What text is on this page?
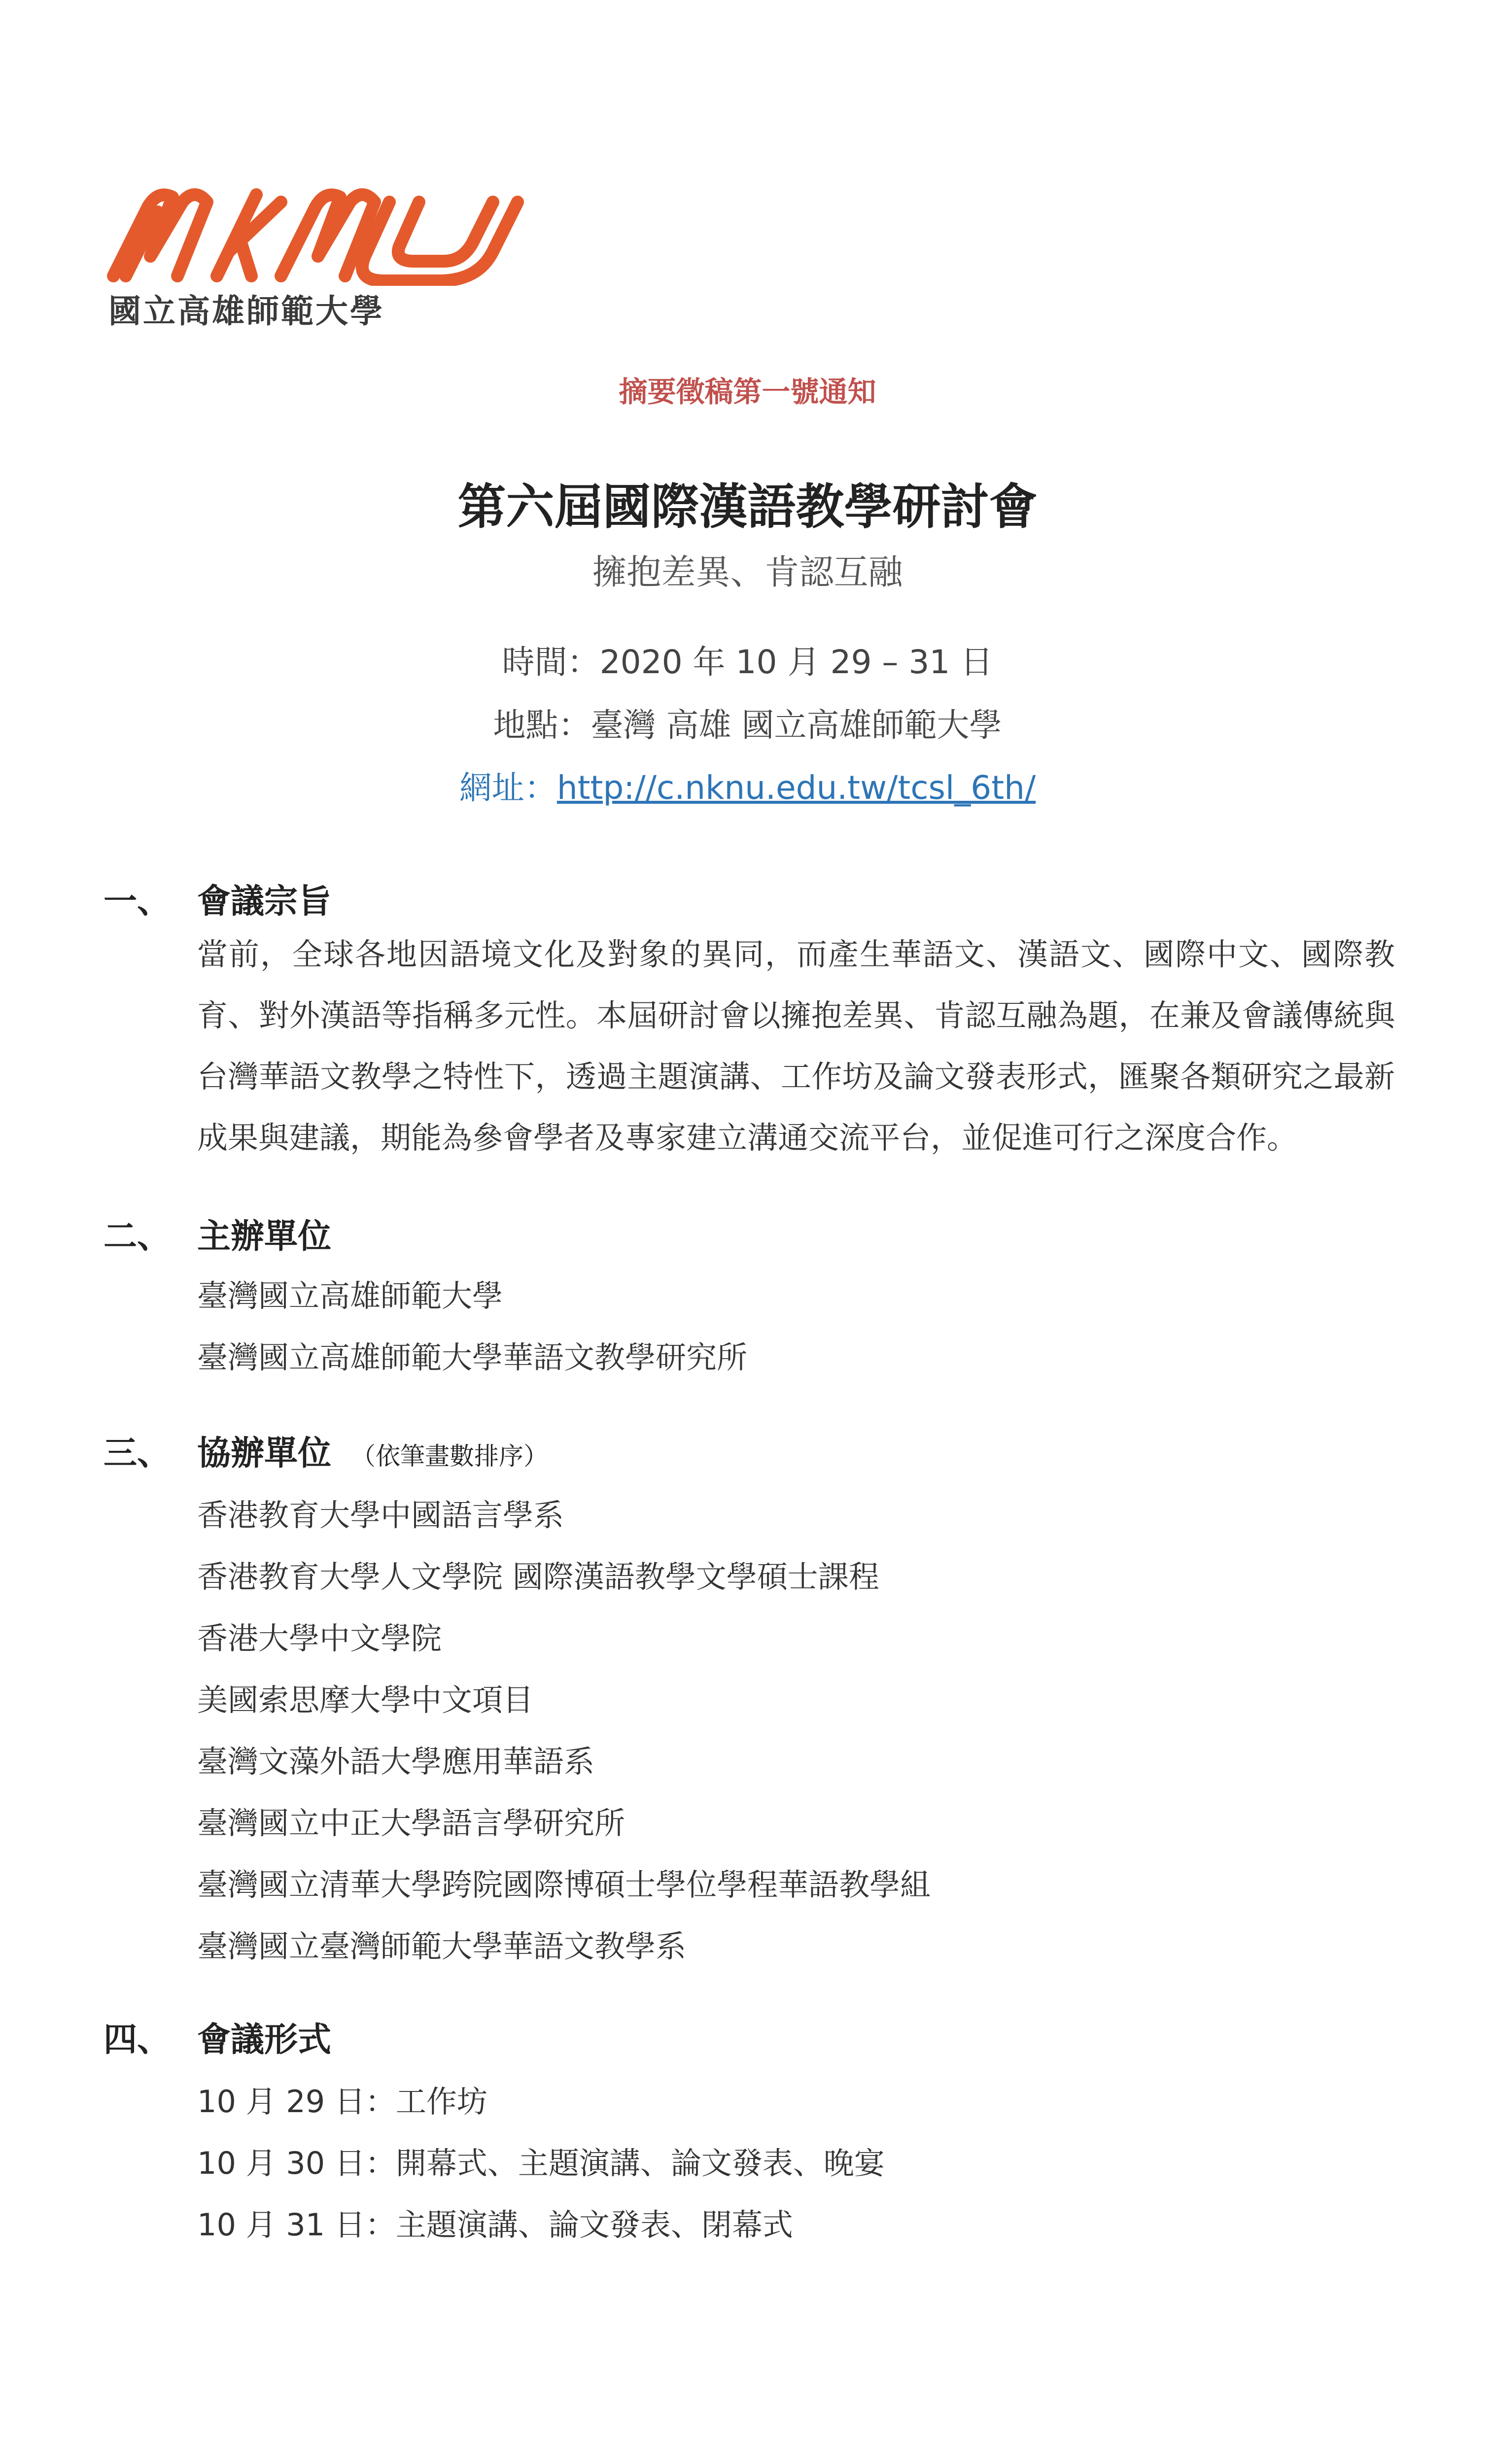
國立高雄師範大學
摘要徵稿第一號通知
第六屆國際漢語教學研討會
擁抱差異、肯認互融
時間：2020 年 10 月 29 – 31 日
地點：臺灣 高雄 國立高雄師範大學
網址：http://c.nknu.edu.tw/tcsl_6th/
一、 會議宗旨
當前，全球各地因語境文化及對象的異同，而產生華語文、漢語文、國際中文、國際教育、對外漢語等指稱多元性。本屆研討會以擁抱差異、肯認互融為題，在兼及會議傳統與台灣華語文教學之特性下，透過主題演講、工作坊及論文發表形式，匯聚各類研究之最新成果與建議，期能為參會學者及專家建立溝通交流平台，並促進可行之深度合作。
二、 主辦單位
臺灣國立高雄師範大學
臺灣國立高雄師範大學華語文教學研究所
三、 協辦單位 （依筆畫數排序）
香港教育大學中國語言學系
香港教育大學人文學院 國際漢語教學文學碩士課程
香港大學中文學院
美國索思摩大學中文項目
臺灣文藻外語大學應用華語系
臺灣國立中正大學語言學研究所
臺灣國立清華大學跨院國際博碩士學位學程華語教學組
臺灣國立臺灣師範大學華語文教學系
四、 會議形式
10 月 29 日：工作坊
10 月 30 日：開幕式、主題演講、論文發表、晚宴
10 月 31 日：主題演講、論文發表、閉幕式
